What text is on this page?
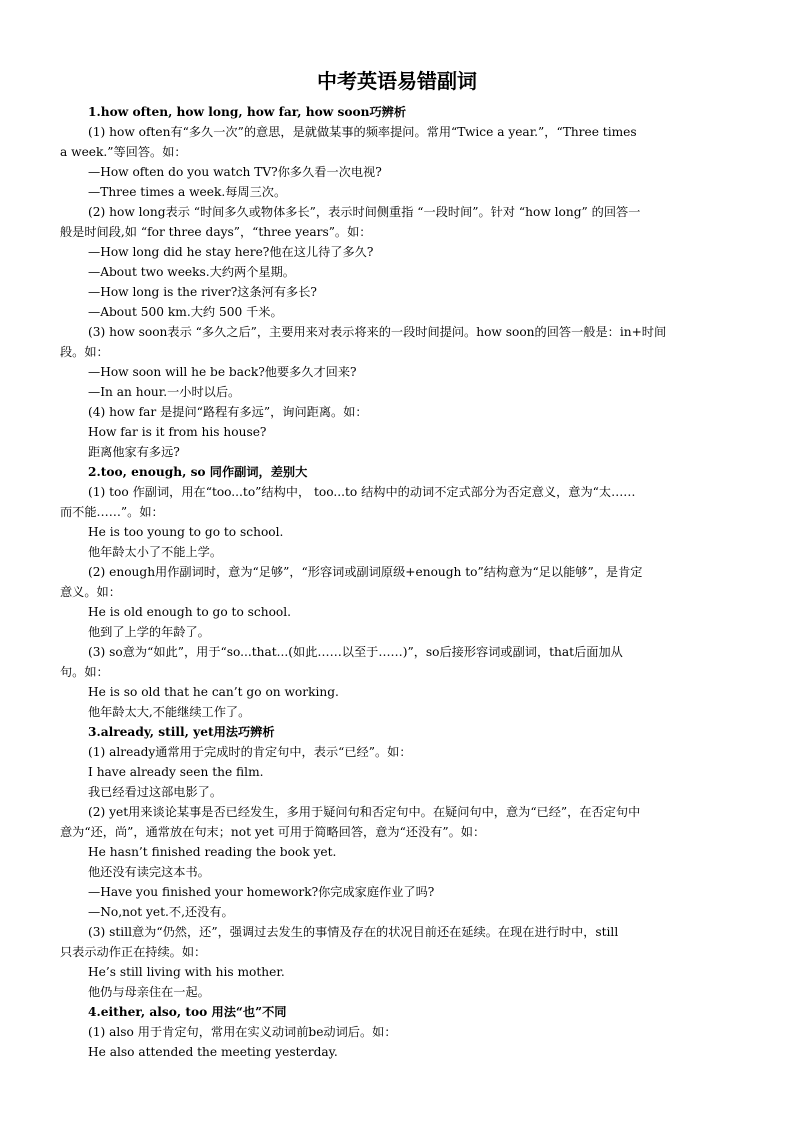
中考英语易错副词
1.how often, how long, how far, how soon巧辨析
(1) how often有“多久一次”的意思，是就做某事的频率提问。常用“Twice a year.”，“Three times
a week.”等回答。如：
—How often do you watch TV?你多久看一次电视?
—Three times a week.每周三次。
(2) how long表示 “时间多久或物体多长”，表示时间侧重指 “一段时间”。针对 “how long” 的回答一
般是时间段,如 “for three days”，“three years”。如：
—How long did he stay here?他在这儿待了多久?
—About two weeks.大约两个星期。
—How long is the river?这条河有多长?
—About 500 km.大约 500 千米。
(3) how soon表示 “多久之后”，主要用来对表示将来的一段时间提问。how soon的回答一般是：in+时间
段。如：
—How soon will he be back?他要多久才回来?
—In an hour.一小时以后。
(4) how far 是提问“路程有多远”，询问距离。如：
How far is it from his house?
距离他家有多远?
2.too, enough, so 同作副词，差别大
(1) too 作副词，用在“too...to”结构中， too...to 结构中的动词不定式部分为否定意义，意为“太……
而不能……”。如：
He is too young to go to school.
他年龄太小了不能上学。
(2) enough用作副词时，意为“足够”，“形容词或副词原级+enough to”结构意为“足以能够”，是肯定
意义。如：
He is old enough to go to school.
他到了上学的年龄了。
(3) so意为“如此”，用于“so...that...(如此……以至于……)”，so后接形容词或副词，that后面加从
句。如：
He is so old that he can’t go on working.
他年龄太大,不能继续工作了。
3.already, still, yet用法巧辨析
(1) already通常用于完成时的肯定句中，表示“已经”。如：
I have already seen the film.
我已经看过这部电影了。
(2) yet用来谈论某事是否已经发生，多用于疑问句和否定句中。在疑问句中，意为“已经”，在否定句中
意为“还，尚”，通常放在句末；not yet 可用于简略回答，意为“还没有”。如：
He hasn’t finished reading the book yet.
他还没有读完这本书。
—Have you finished your homework?你完成家庭作业了吗?
—No,not yet.不,还没有。
(3) still意为“仍然，还”，强调过去发生的事情及存在的状况目前还在延续。在现在进行时中，still
只表示动作正在持续。如：
He’s still living with his mother.
他仍与母亲住在一起。
4.either, also, too 用法“也”不同
(1) also 用于肯定句，常用在实义动词前be动词后。如：
He also attended the meeting yesterday.
